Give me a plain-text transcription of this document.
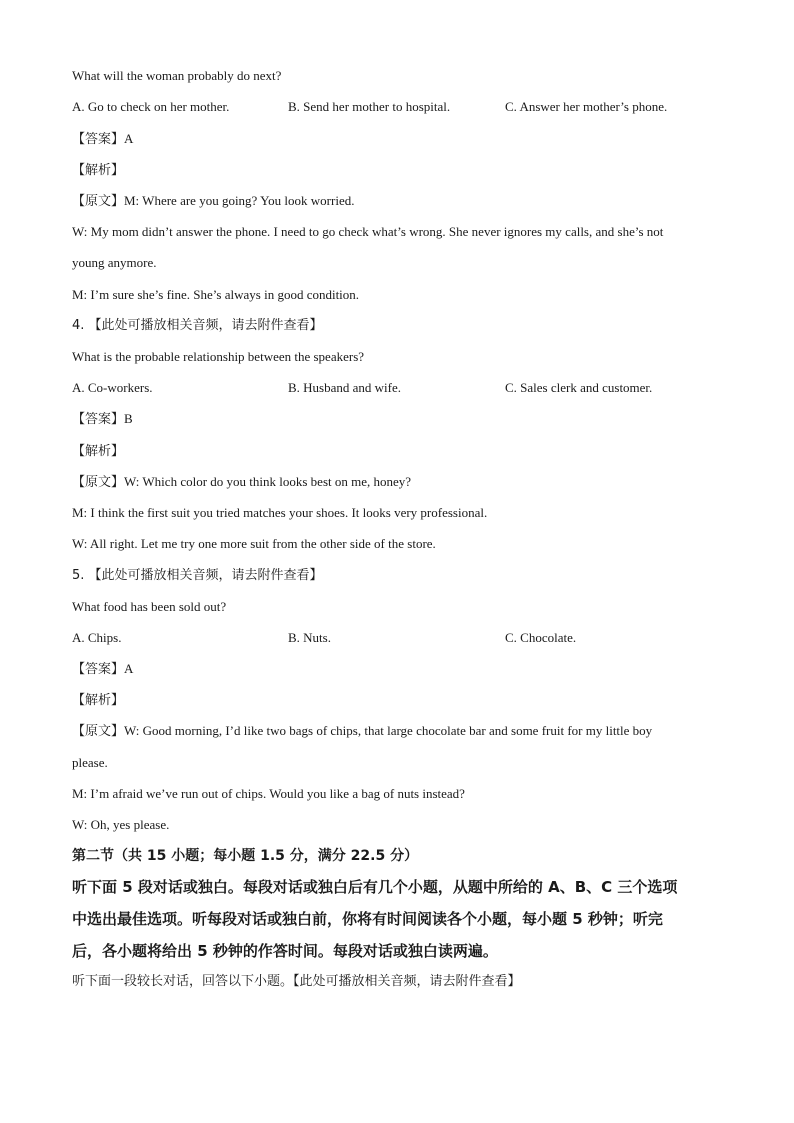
What will the woman probably do next?
A. Go to check on her mother.	B. Send her mother to hospital.	C. Answer her mother’s phone.
【答案】A
【解析】
【原文】M: Where are you going? You look worried.
W: My mom didn’t answer the phone. I need to go check what’s wrong. She never ignores my calls, and she’s not
young anymore.
M: I’m sure she’s fine. She’s always in good condition.
4. 【此处可播放相关音频，请去附件查看】
What is the probable relationship between the speakers?
A. Co-workers.	B. Husband and wife.	C. Sales clerk and customer.
【答案】B
【解析】
【原文】W: Which color do you think looks best on me, honey?
M: I think the first suit you tried matches your shoes. It looks very professional.
W: All right. Let me try one more suit from the other side of the store.
5. 【此处可播放相关音频，请去附件查看】
What food has been sold out?
A. Chips.	B. Nuts.	C. Chocolate.
【答案】A
【解析】
【原文】W: Good morning, I’d like two bags of chips, that large chocolate bar and some fruit for my little boy
please.
M: I’m afraid we’ve run out of chips. Would you like a bag of nuts instead?
W: Oh, yes please.
第二节（共 15 小题；每小题 1.5 分，满分 22.5 分）
听下面 5 段对话或独白。每段对话或独白后有几个小题，从题中所给的 A、B、C 三个选项
中选出最佳选项。听每段对话或独白前，你将有时间阅读各个小题，每小题 5 秒钟；听完
后，各小题将给出 5 秒钟的作答时间。每段对话或独白读两遍。
听下面一段较长对话，回答以下小题。【此处可播放相关音频，请去附件查看】
